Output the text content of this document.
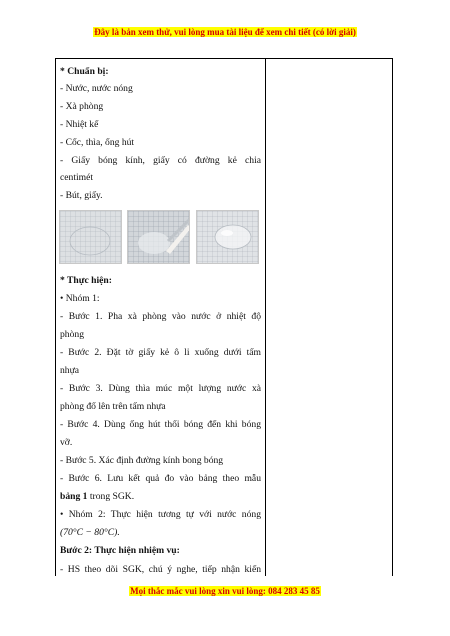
Đây là bản xem thử, vui lòng mua tài liệu để xem chi tiết (có lời giải)
* Chuẩn bị:
- Nước, nước nóng
- Xà phòng
- Nhiệt kế
- Cốc, thìa, ống hút
- Giấy bóng kính, giấy có đường kẻ chia
centimét
- Bút, giấy.
* Thực hiện:
• Nhóm 1:
- Bước 1. Pha xà phòng vào nước ở nhiệt độ
phòng
- Bước 2. Đặt tờ giấy kẻ ô li xuống dưới tấm
nhựa
- Bước 3. Dùng thìa múc một lượng nước xà
phòng đổ lên trên tấm nhựa
- Bước 4. Dùng ống hút thổi bóng đến khi bóng
vỡ.
- Bước 5. Xác định đường kính bong bóng
- Bước 6. Lưu kết quả đo vào bảng theo mẫu
bảng 1 trong SGK.
• Nhóm 2: Thực hiện tương tự với nước nóng
(70°C − 80°C).
Bước 2: Thực hiện nhiệm vụ:
- HS theo dõi SGK, chú ý nghe, tiếp nhận kiến
Mọi thắc mắc vui lòng xin vui lòng: 084 283 45 85
